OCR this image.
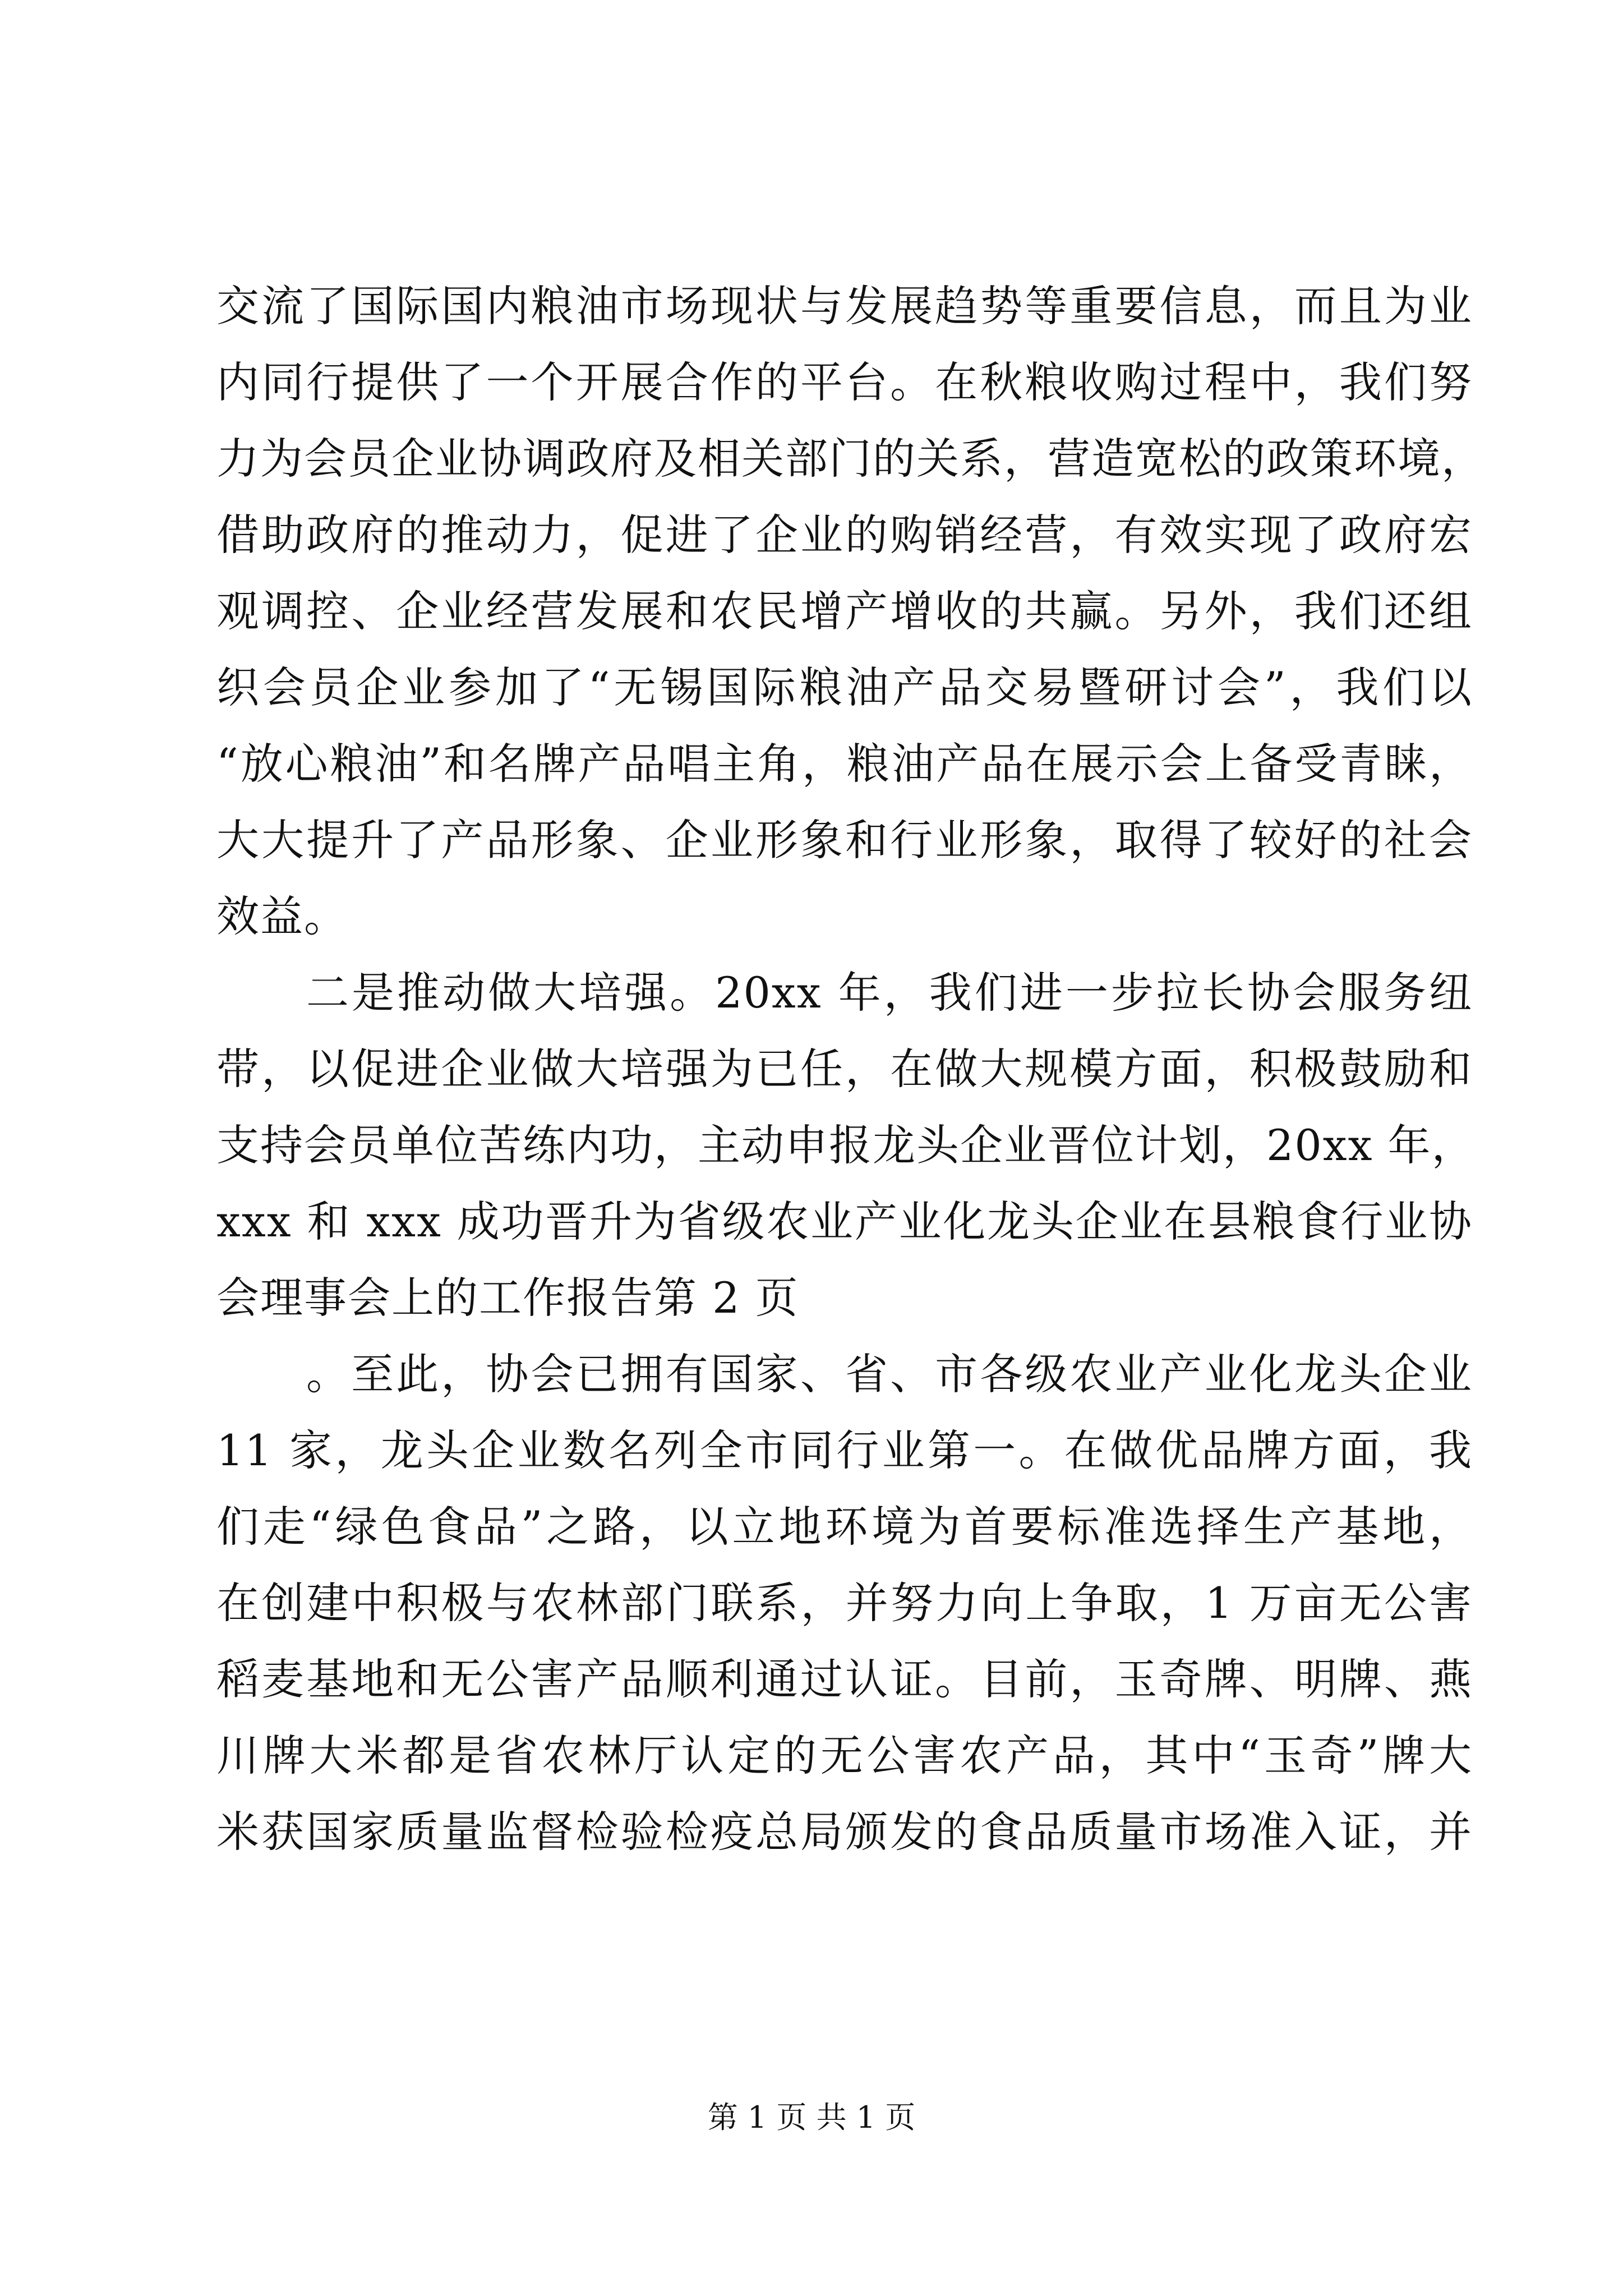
交流了国际国内粮油市场现状与发展趋势等重要信息，而且为业
内同行提供了一个开展合作的平台。在秋粮收购过程中，我们努
力为会员企业协调政府及相关部门的关系，营造宽松的政策环境，
借助政府的推动力，促进了企业的购销经营，有效实现了政府宏
观调控、企业经营发展和农民增产增收的共赢。另外，我们还组
织会员企业参加了“无锡国际粮油产品交易暨研讨会”，我们以
“放心粮油”和名牌产品唱主角，粮油产品在展示会上备受青睐，
大大提升了产品形象、企业形象和行业形象，取得了较好的社会
效益。
二是推动做大培强。20xx 年，我们进一步拉长协会服务纽
带，以促进企业做大培强为已任，在做大规模方面，积极鼓励和
支持会员单位苦练内功，主动申报龙头企业晋位计划，20xx 年，
xxx 和 xxx 成功晋升为省级农业产业化龙头企业在县粮食行业协
会理事会上的工作报告第 2 页
。至此，协会已拥有国家、省、市各级农业产业化龙头企业
11 家，龙头企业数名列全市同行业第一。在做优品牌方面，我
们走“绿色食品”之路，以立地环境为首要标准选择生产基地，
在创建中积极与农林部门联系，并努力向上争取，1 万亩无公害
稻麦基地和无公害产品顺利通过认证。目前，玉奇牌、明牌、燕
川牌大米都是省农林厅认定的无公害农产品，其中“玉奇”牌大
米获国家质量监督检验检疫总局颁发的食品质量市场准入证，并
第 1 页 共 1 页
